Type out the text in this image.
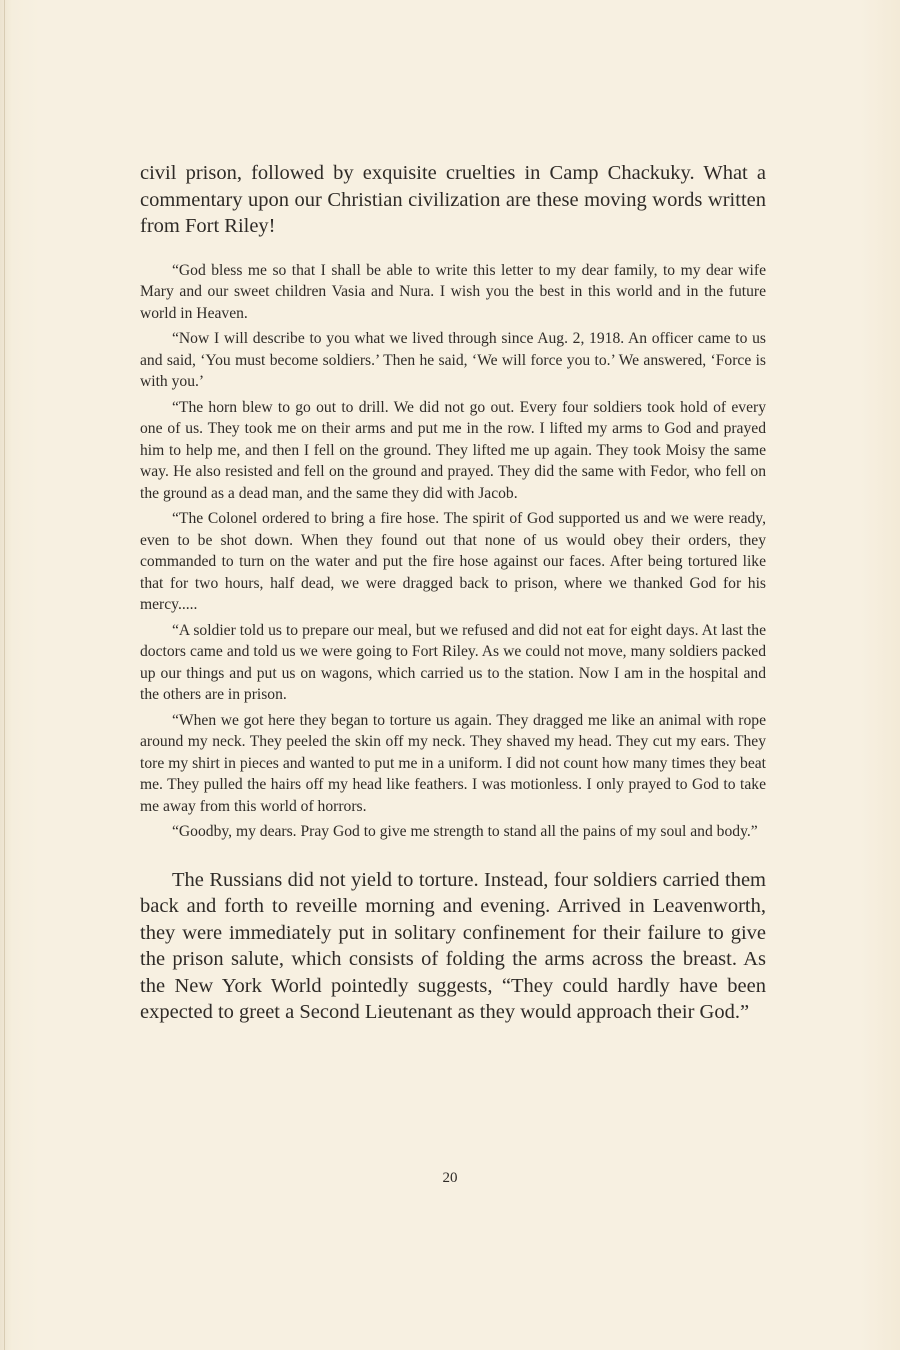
civil prison, followed by exquisite cruelties in Camp Chackuky. What a commentary upon our Christian civilization are these moving words written from Fort Riley!

“God bless me so that I shall be able to write this letter to my dear family, to my dear wife Mary and our sweet children Vasia and Nura. I wish you the best in this world and in the future world in Heaven.

“Now I will describe to you what we lived through since Aug. 2, 1918. An officer came to us and said, ‘You must become soldiers.’ Then he said, ‘We will force you to.’ We answered, ‘Force is with you.’

“The horn blew to go out to drill. We did not go out. Every four soldiers took hold of every one of us. They took me on their arms and put me in the row. I lifted my arms to God and prayed him to help me, and then I fell on the ground. They lifted me up again. They took Moisy the same way. He also resisted and fell on the ground and prayed. They did the same with Fedor, who fell on the ground as a dead man, and the same they did with Jacob.

“The Colonel ordered to bring a fire hose. The spirit of God supported us and we were ready, even to be shot down. When they found out that none of us would obey their orders, they commanded to turn on the water and put the fire hose against our faces. After being tortured like that for two hours, half dead, we were dragged back to prison, where we thanked God for his mercy.....

“A soldier told us to prepare our meal, but we refused and did not eat for eight days. At last the doctors came and told us we were going to Fort Riley. As we could not move, many soldiers packed up our things and put us on wagons, which carried us to the station. Now I am in the hospital and the others are in prison.

“When we got here they began to torture us again. They dragged me like an animal with rope around my neck. They peeled the skin off my neck. They shaved my head. They cut my ears. They tore my shirt in pieces and wanted to put me in a uniform. I did not count how many times they beat me. They pulled the hairs off my head like feathers. I was motionless. I only prayed to God to take me away from this world of horrors.

“Goodby, my dears. Pray God to give me strength to stand all the pains of my soul and body.”

The Russians did not yield to torture. Instead, four soldiers carried them back and forth to reveille morning and evening. Arrived in Leavenworth, they were immediately put in solitary confinement for their failure to give the prison salute, which consists of folding the arms across the breast. As the New York World pointedly suggests, “They could hardly have been expected to greet a Second Lieutenant as they would approach their God.”

20
